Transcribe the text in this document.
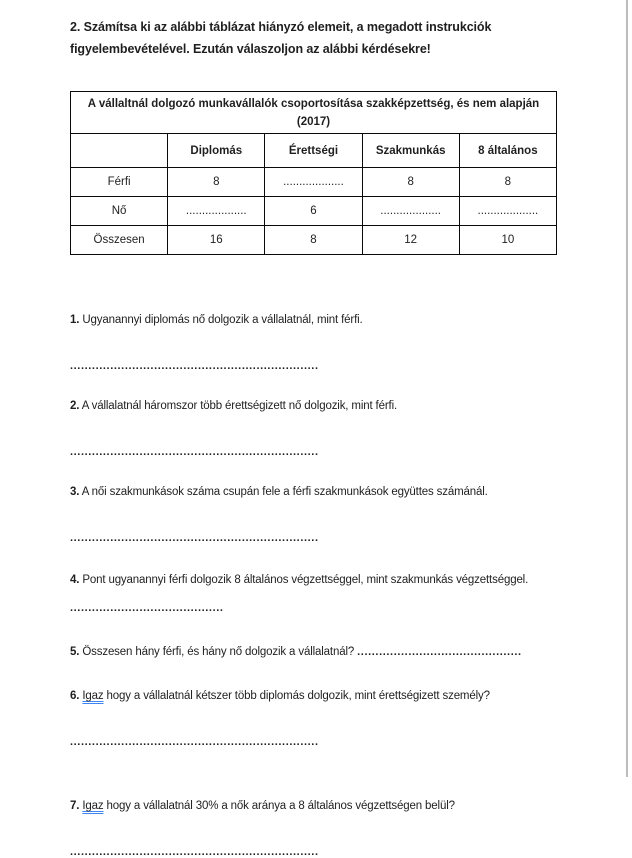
2. Számítsa ki az alábbi táblázat hiányzó elemeit, a megadott instrukciók figyelembevételével. Ezután válaszoljon az alábbi kérdésekre!
A vállaltnál dolgozó munkavállalók csoportosítása szakképzettség, és nem alapján (2017)				
	Diplomás	Érettségi	Szakmunkás	8 általános
Férfi	8	...................	8	8
Nő	...................	6	...................	...................
Összesen	16	8	12	10

1. Ugyanannyi diplomás nő dolgozik a vállalatnál, mint férfi.

....................................................................

2. A vállalatnál háromszor több érettségizett nő dolgozik, mint férfi.

....................................................................

3. A női szakmunkások száma csupán fele a férfi szakmunkások együttes számánál.

....................................................................

4. Pont ugyanannyi férfi dolgozik 8 általános végzettséggel, mint szakmunkás végzettséggel. ..........................................

5. Összesen hány férfi, és hány nő dolgozik a vállalatnál? .............................................

6. Igaz hogy a vállalatnál kétszer több diplomás dolgozik, mint érettségizett személy?

....................................................................

7. Igaz hogy a vállalatnál 30% a nők aránya a 8 általános végzettségen belül?

....................................................................
